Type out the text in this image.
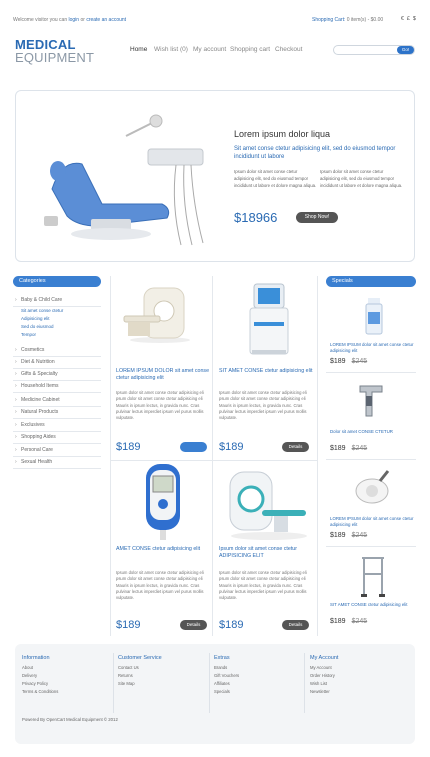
Welcome visitor you can login or create an account	Shopping Cart: 0 item(s) - $0.00	€ £ $
MEDICAL
EQUIPMENT
Home Wish list (0) My account Shopping cart Checkout	Go!
Lorem ipsum dolor liqua
Sit amet conse ctetur adipisicing elit, sed do eiusmod tempor incididunt ut labore
Ipsum dolor sit amet conse ctetur adipisicing elit, sed do eiusmod tempor incididunt ut labore et dolore magna aliqua.
Ipsum dolor sit amet conse ctetur adipisicing elit, sed do eiusmod tempor incididunt ut labore et dolore magna aliqua.
$18966	Shop Now!
Categories
› Baby & Child Care
Sit amet conse ctetur
Adipisicing elit
Sed do eiusmod
Tempor
› Cosmetics
› Diet & Nutrition
› Gifts & Specialty
› Household Items
› Medicine Cabinet
› Natural Products
› Exclusives
› Shopping Aides
› Personal Care
› Sexual Health
LOREM IPSUM DOLOR sit amet conse ctetur adipisicing elit
Ipsum dolor sit amet conse ctetur adipisicing eli psum dolor sit amet conse ctetur adipisicing eli Mauris in ipsum lectus, in gravida nunc. Cras pulvinar lectus imperdiet ipsum vel purus mollis vulputate.
$189
SIT AMET CONSE ctetur adipisicing elit
Ipsum dolor sit amet conse ctetur adipisicing eli psum dolor sit amet conse ctetur adipisicing eli Mauris in ipsum lectus, in gravida nunc. Cras pulvinar lectus imperdiet ipsum vel purus mollis vulputate.
$189	Details
AMET CONSE ctetur adipisicing elit
Ipsum dolor sit amet conse ctetur adipisicing eli psum dolor sit amet conse ctetur adipisicing eli Mauris in ipsum lectus, in gravida nunc. Cras pulvinar lectus imperdiet ipsum vel purus mollis vulputate.
$189	Details
Ipsum dolor sit amet conse ctetur ADIPISICING ELIT
Ipsum dolor sit amet conse ctetur adipisicing eli psum dolor sit amet conse ctetur adipisicing eli Mauris in ipsum lectus, in gravida nunc. Cras pulvinar lectus imperdiet ipsum vel purus mollis vulputate.
$189	Details
Specials
LOREM IPSUM dolor sit amet conse ctetur adipisicing elit
$189 $245
Dolor sit amet CONSE CTETUR
$189 $245
LOREM IPSUM dolor sit amet conse ctetur adipisicing elit
$189 $245
SIT AMET CONSE ctetur adipisicing elit
$189 $245
Information
About
Delivery
Privacy Policy
Terms & Conditions
Customer Service
Contact Us
Returns
Site Map
Extras
Brands
Gift Vouchers
Affiliates
Specials
My Account
My Account
Order History
Wish List
Newsletter
Powered By OpenCart Medical Equipment © 2012
